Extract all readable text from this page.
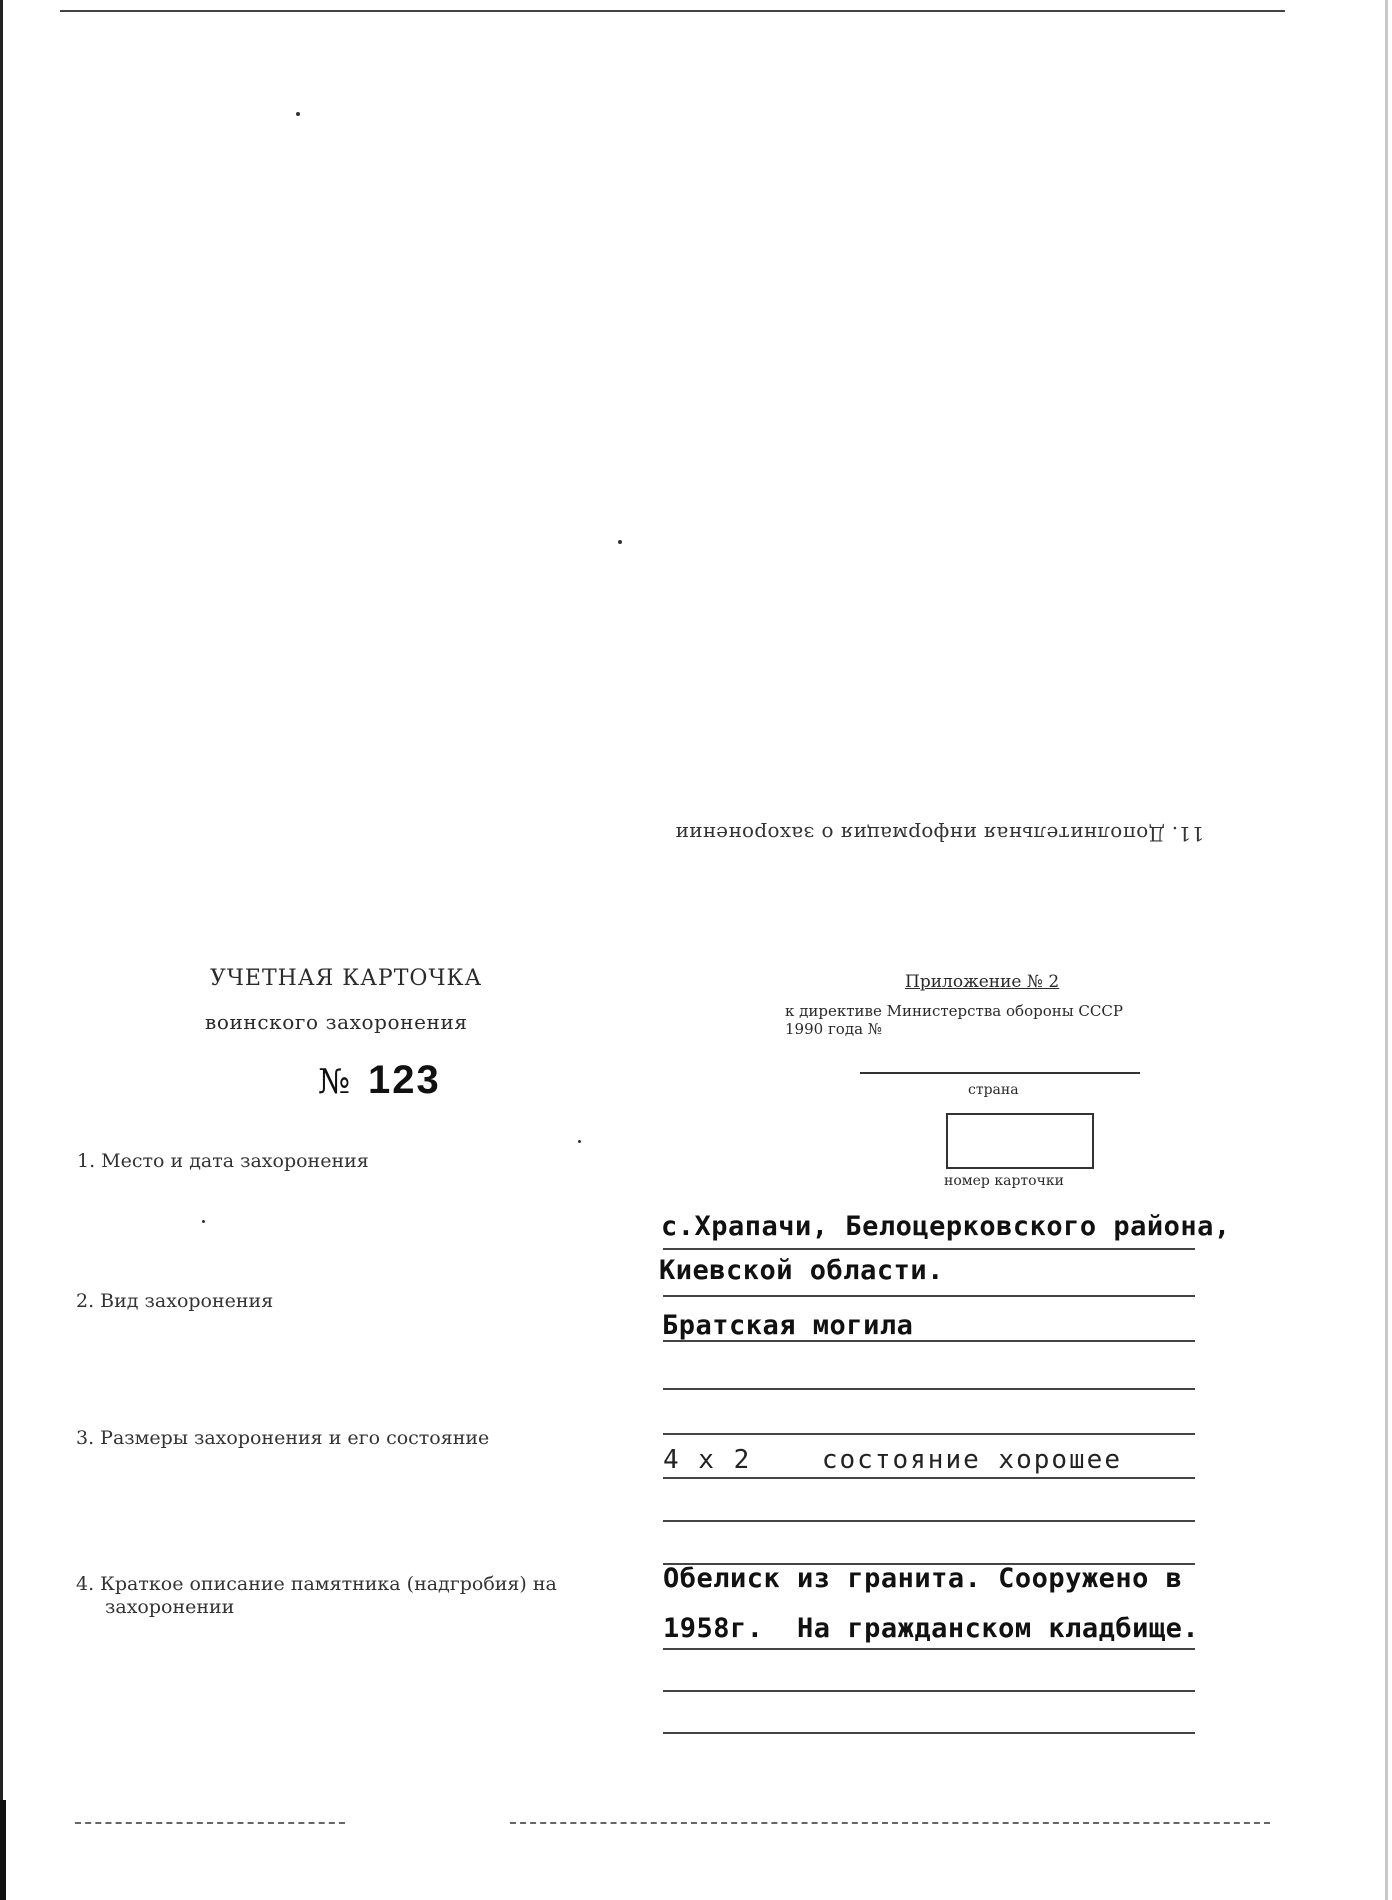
11. Дополнительная информация о захоронении
УЧЕТНАЯ КАРТОЧКА
воинского захоронения
№ 123
Приложение № 2
к директиве Министерства обороны СССР
1990 года №
страна
номер карточки
1. Место и дата захоронения
2. Вид захоронения
3. Размеры захоронения и его состояние
4. Краткое описание памятника (надгробия) на
захоронении
с.Храпачи, Белоцерковского района,
Киевской области.
Братская могила
4 х 2    состояние хорошее
Обелиск из гранита. Сооружено в
1958г.  На гражданском кладбище.
